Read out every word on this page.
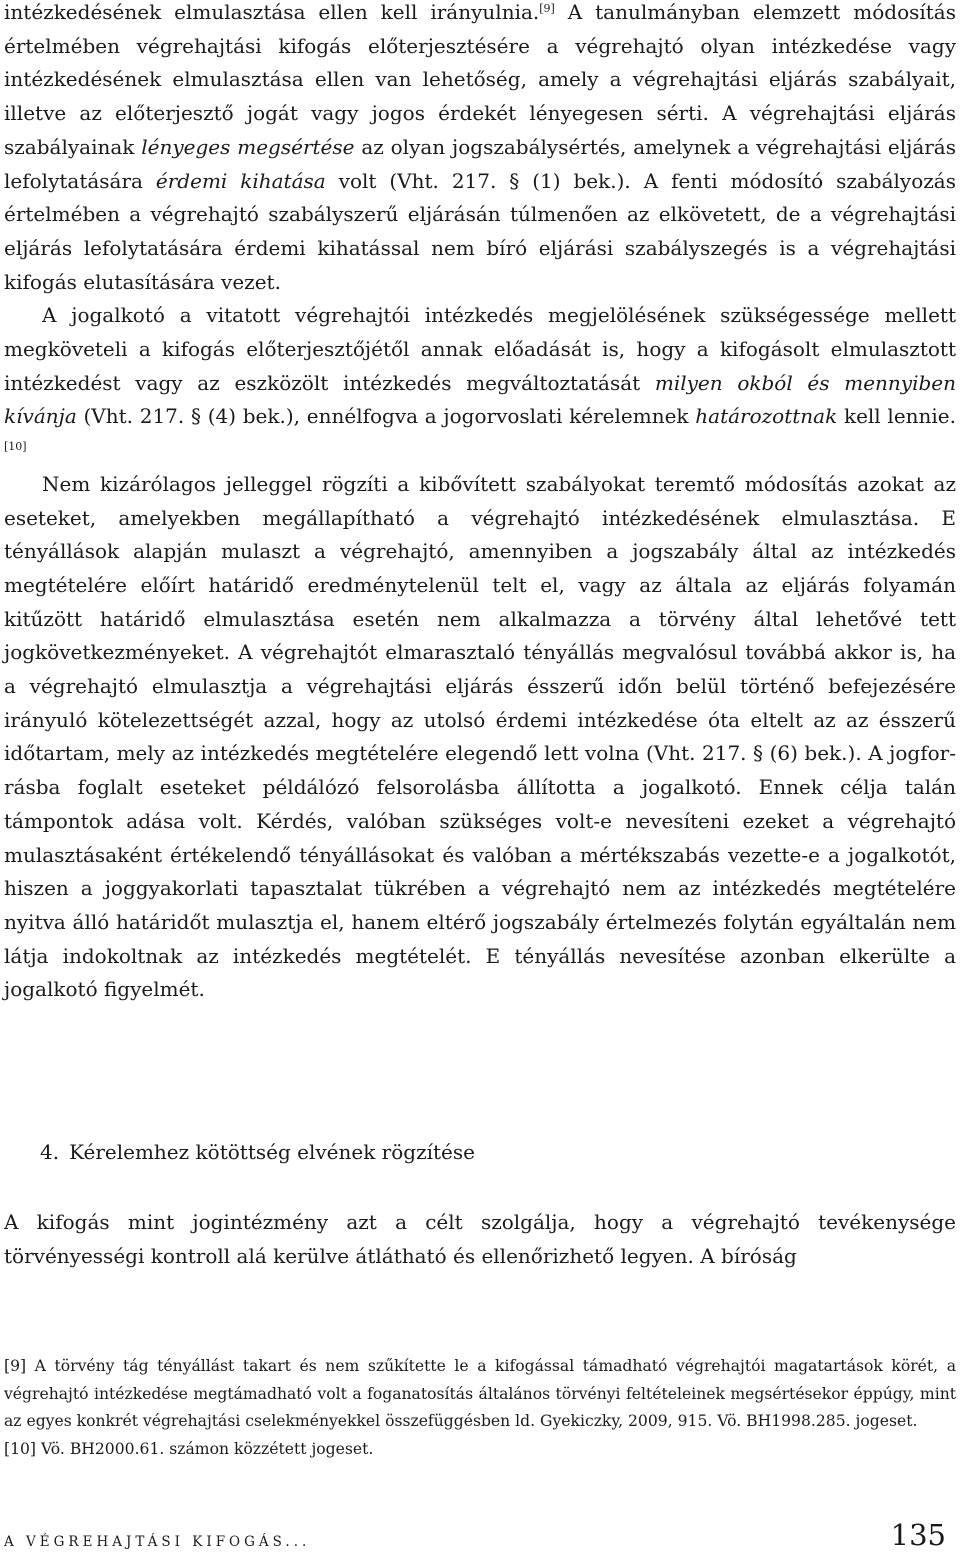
intézkedésének elmulasztása ellen kell irányulnia.[9] A tanulmányban elemzett módosítás értelmében végrehajtási kifogás előterjesztésére a végrehajtó olyan intézkedése vagy intézkedésének elmulasztása ellen van lehetőség, amely a végrehajtási eljárás szabályait, illetve az előterjesztő jogát vagy jogos érdekét lényegesen sérti. A végrehajtási eljárás szabályainak lényeges megsértése az olyan jogszabálysértés, amelynek a végrehajtási eljárás lefolytatására érdemi kihatása volt (Vht. 217. § (1) bek.). A fenti módosító szabályozás értelmében a végrehajtó szabályszerű eljárásán túlmenően az elkövetett, de a végrehajtási eljárás lefolytatására érdemi kihatással nem bíró eljárási szabályszegés is a végrehajtási kifogás elutasítására vezet.

A jogalkotó a vitatott végrehajtói intézkedés megjelölésének szükségessége mellett megköveteli a kifogás előterjesztőjétől annak előadását is, hogy a kifogásolt elmulasztott intézkedést vagy az eszközölt intézkedés megváltoztatását milyen okból és mennyiben kívánja (Vht. 217. § (4) bek.), ennélfogva a jogorvoslati kérelemnek határozottnak kell lennie.[10]

Nem kizárólagos jelleggel rögzíti a kibővített szabályokat teremtő módosítás azokat az eseteket, amelyekben megállapítható a végrehajtó intézkedésének elmulasztása. E tényállások alapján mulaszt a végrehajtó, amennyiben a jogszabály által az intézkedés megtételére előírt határidő eredménytelenül telt el, vagy az általa az eljárás folyamán kitűzött határidő elmulasztása esetén nem alkalmazza a törvény által lehetővé tett jogkövetkezményeket. A végrehajtót elmarasztaló tényállás megvalósul továbbá akkor is, ha a végrehajtó elmulasztja a végrehajtási eljárás ésszerű időn belül történő befejezésére irányuló kötelezettségét azzal, hogy az utolsó érdemi intézkedése óta eltelt az az ésszerű időtartam, mely az intézkedés megtételére elegendő lett volna (Vht. 217. § (6) bek.). A jogforrásba foglalt eseteket példálózó felsorolásba állította a jogalkotó. Ennek célja talán támpontok adása volt. Kérdés, valóban szükséges volt-e nevesíteni ezeket a végrehajtó mulasztásaként értékelendő tényállásokat és valóban a mértékszabás vezette-e a jogalkotót, hiszen a joggyakorlati tapasztalat tükrében a végrehajtó nem az intézkedés megtételére nyitva álló határidőt mulasztja el, hanem eltérő jogszabály értelmezés folytán egyáltalán nem látja indokoltnak az intézkedés megtételét. E tényállás nevesítése azonban elkerülte a jogalkotó figyelmét.

4. Kérelemhez kötöttség elvének rögzítése

A kifogás mint jogintézmény azt a célt szolgálja, hogy a végrehajtó tevékenysége törvényességi kontroll alá kerülve átlátható és ellenőrizhető legyen. A bíróság

[9] A törvény tág tényállást takart és nem szűkítette le a kifogással támadható végrehajtói magatartások körét, a végrehajtó intézkedése megtámadható volt a foganatosítás általános törvényi feltételeinek megsértésekor éppúgy, mint az egyes konkrét végrehajtási cselekményekkel összefüggésben ld. Gyekiczky, 2009, 915. Vö. BH1998.285. jogeset.

[10] Vö. BH2000.61. számon közzétett jogeset.

A VÉGREHAJTÁSI KIFOGÁS...	135
